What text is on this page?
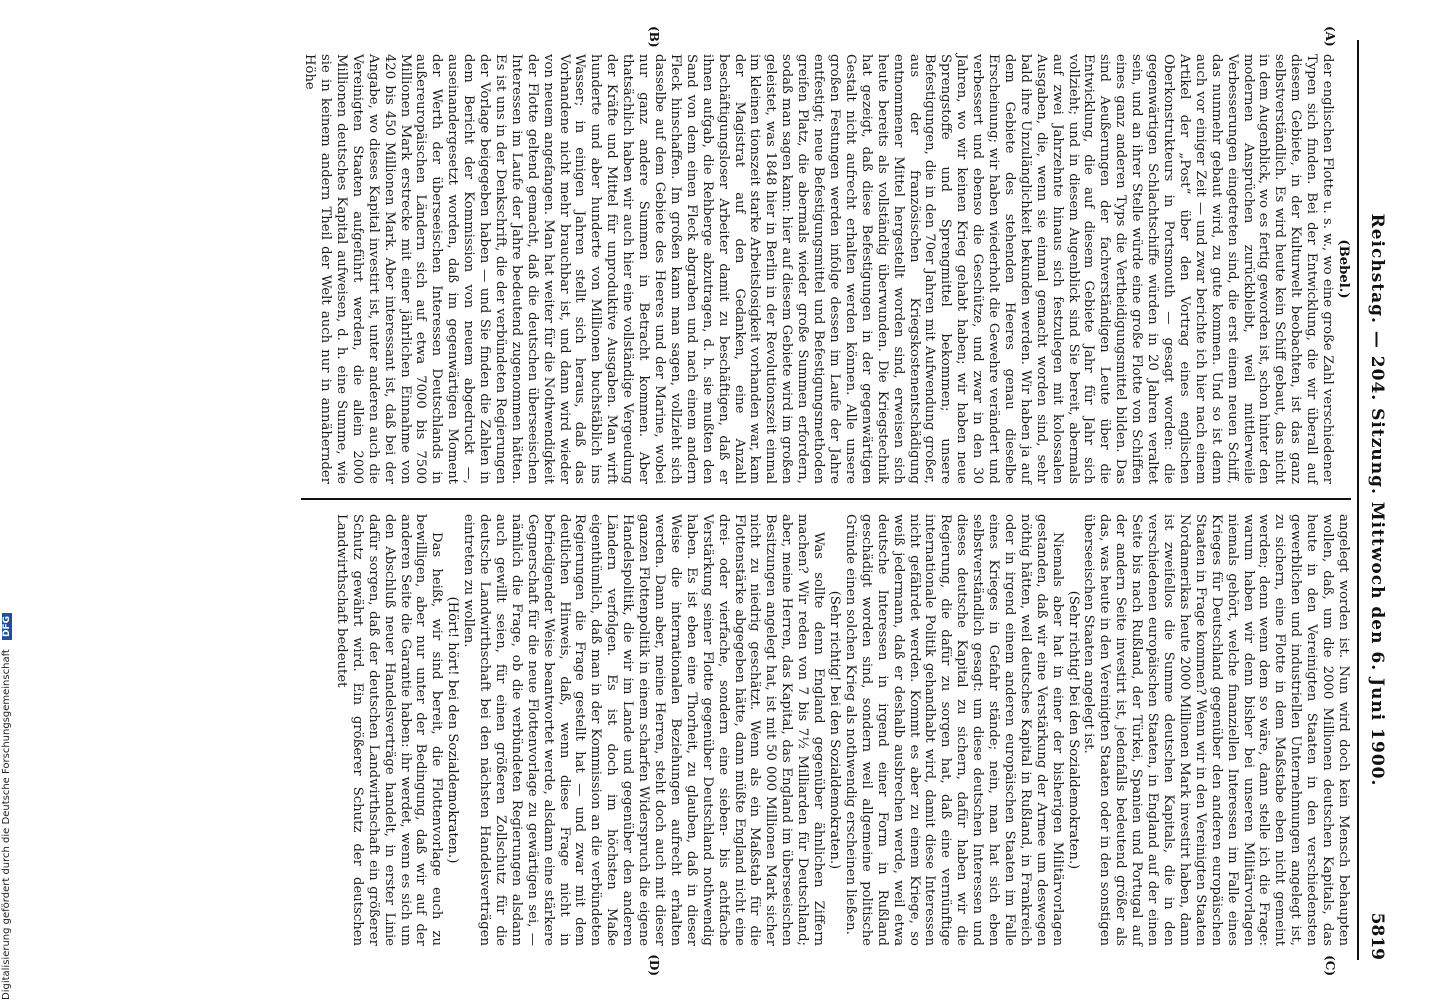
Reichstag. — 204. Sitzung. Mittwoch den 6. Juni 1900.
5819
(A)
(B)
(Bebel.)

der englischen Flotte u. s. w., wo eine große Zahl verschiedener Typen sich finden. Bei der Entwicklung, die wir überall auf diesem Gebiete, in der Kulturwelt beobachten, ist das ganz selbstverständlich. Es wird heute kein Schiff gebaut, das nicht in dem Augenblick, wo es fertig geworden ist, schon hinter den modernen Ansprüchen zurückbleibt, weil mittlerweile Verbesserungen eingetreten sind, die erst einem neuen Schiff, das nunmehr gebaut wird, zu gute kommen. Und so ist denn auch vor einiger Zeit — und zwar berichte ich hier nach einem Artikel der „Post“ über den Vortrag eines englischen Oberkonstrukteurs in Portsmouth — gesagt worden: die gegenwärtigen Schlachtschiffe würden in 20 Jahren veraltet sein, und an ihrer Stelle würde eine große Flotte von Schiffen eines ganz anderen Typs die Vertheidigungsmittel bilden. Das sind Aeußerungen der fachverständigen Leute über die Entwicklung, die auf diesem Gebiete Jahr für Jahr sich vollzieht; und in diesem Augenblick sind Sie bereit, abermals auf zwei Jahrzehnte hinaus sich festzulegen mit kolossalen Ausgaben, die, wenn sie einmal gemacht worden sind, sehr bald ihre Unzulänglichkeit bekunden werden. Wir haben ja auf dem Gebiete des stehenden Heeres genau dieselbe Erscheinung; wir haben wiederholt die Gewehre verändert und verbessert und ebenso die Geschütze, und zwar in den 30 Jahren, wo wir keinen Krieg gehabt haben; wir haben neue Sprengstoffe und Sprengmittel bekommen; unsere Befestigungen, die in den 70er Jahren mit Aufwendung großer, aus der französischen Kriegskostenentschädigung entnommener Mittel hergestellt worden sind, erweisen sich heute bereits als vollständig überwunden. Die Kriegstechnik hat gezeigt, daß diese Befestigungen in der gegenwärtigen Gestalt nicht aufrecht erhalten werden können. Alle unsere großen Festungen werden infolge dessen im Laufe der Jahre entfestigt; neue Befestigungsmittel und Befestigungsmethoden greifen Platz, die abermals wieder große Summen erfordern, sodaß man sagen kann: hier auf diesem Gebiete wird im großen geleistet, was 1848 hier in Berlin in der Revolutionszeit einmal im kleinen tionszeit starke Arbeitslosigkeit vorhanden war, kam der Magistrat auf den Gedanken, eine Anzahl beschäftigungsloser Arbeiter damit zu beschäftigen, daß er ihnen aufgab, die Rehberge abzutragen, d. h. sie mußten den Sand von dem einen Fleck abgraben und nach einem andern Fleck hinschaffen. Im großen kann man sagen, vollzieht sich dasselbe auf dem Gebiete des Heeres und der Marine, wobei nur ganz andere Summen in Betracht kommen. Aber thatsächlich haben wir auch hier eine vollständige Vergeudung der Kräfte und Mittel für unproduktive Ausgaben. Man wirft hunderte und aber hunderte von Millionen buchstäblich ins Wasser; in einigen Jahren stellt sich heraus, daß das Vorhandene nicht mehr brauchbar ist, und dann wird wieder von neuem angefangen. Man hat weiter für die Nothwendigkeit der Flotte geltend gemacht, daß die deutschen überseeischen Interessen im Laufe der Jahre bedeutend zugenommen hätten. Es ist uns in der Denkschrift, die der verbündeten Regierungen der Vorlage beigegeben haben — und Sie finden die Zahlen in dem Bericht der Kommission von neuem abgedruckt —, auseinandergesetzt worden, daß im gegenwärtigen Moment der Werth der überseeischen Interessen Deutschlands in außereuropäischen Ländern sich auf etwa 7000 bis 7500 Millionen Mark erstrecke mit einer jährlichen Einnahme von 420 bis 450 Millionen Mark. Aber interessant ist, daß bei der Angabe, wo dieses Kapital investirt ist, unter anderen auch die Vereinigten Staaten aufgeführt werden, die allein 2000 Millionen deutsches Kapital aufweisen, d. h. eine Summe, wie sie in keinem andern Theil der Welt auch nur in annähernder Höhe

(C)
(D)

angelegt worden ist. Nun wird doch kein Mensch behaupten wollen, daß, um die 2000 Millionen deutschen Kapitals, das heute in den Vereinigten Staaten in den verschiedensten gewerblichen und industriellen Unternehmungen angelegt ist, zu sichern, eine Flotte in dem Maßstabe eben nicht gemeint werden; denn wenn dem so wäre, dann stelle ich die Frage: warum haben wir denn bisher bei unseren Militärvorlagen niemals gehört, welche finanziellen Interessen im Falle eines Krieges für Deutschland gegenüber den anderen europäischen Staaten in Frage kommen? Wenn wir in den Vereinigten Staaten Nordamerikas heute 2000 Millionen Mark investirt haben, dann ist zweifellos die Summe deutschen Kapitals, die in den verschiedenen europäischen Staaten, in England auf der einen Seite bis nach Rußland, der Türkei, Spanien und Portugal auf der andern Seite investirt ist, jedenfalls bedeutend größer als das, was heute in den Vereinigten Staaten oder in den sonstigen überseeischen Staaten angelegt ist.

(Sehr richtig! bei den Sozialdemokraten.)

Niemals aber hat in einer der bisherigen Militärvorlagen gestanden, daß wir eine Verstärkung der Armee um deswegen nöthig hätten, weil deutsches Kapital in Rußland, in Frankreich oder in irgend einem anderen europäischen Staaten im Falle eines Krieges in Gefahr stände; nein, man hat sich eben selbstverständlich gesagt: um diese deutschen Interessen und dieses deutsche Kapital zu sichern, dafür haben wir die Regierung, die dafür zu sorgen hat, daß eine vernünftige internationale Politik gehandhabt wird, damit diese Interessen nicht gefährdet werden. Kommt es aber zu einem Kriege, so weiß jedermann, daß er deshalb ausbrechen werde, weil etwa deutsche Interessen in irgend einer Form in Rußland geschädigt worden sind, sondern weil allgemeine politische Gründe einen solchen Krieg als nothwendig erscheinen ließen.

(Sehr richtig! bei den Sozialdemokraten.)

Was sollte denn England gegenüber ähnlichen Ziffern machen? Wir reden von 7 bis 7½ Milliarden für Deutschland; aber, meine Herren, das Kapital, das England im überseeischen Besitzungen angelegt hat, ist mit 50 000 Millionen Mark sicher nicht zu niedrig geschätzt. Wenn als ein Maßstab für die Flottenstärke abgegeben hätte, dann müßte England nicht eine drei- oder vierfache, sondern eine sieben- bis achtfache Verstärkung seiner Flotte gegenüber Deutschland nothwendig haben. Es ist eben eine Thorheit, zu glauben, daß in dieser Weise die internationalen Beziehungen aufrecht erhalten werden. Dann aber, meine Herren, steht doch auch mit dieser ganzen Flottenpolitik in einem scharfen Widerspruch die eigene Handelspolitik, die wir im Lande und gegenüber den anderen Ländern verfolgen. Es ist doch im höchsten Maße eigenthümlich, daß man in der Kommission an die verbündeten Regierungen die Frage gestellt hat — und zwar mit dem deutlichen Hinweis, daß, wenn diese Frage nicht in befriedigender Weise beantwortet werde, alsdann eine stärkere Gegnerschaft für die neue Flottenvorlage zu gewärtigen sei, — nämlich die Frage, ob die verbündeten Regierungen alsdann auch gewillt seien, für einen größeren Zollschutz für die deutsche Landwirthschaft bei den nächsten Handelsverträgen eintreten zu wollen.

(Hört! hört! bei den Sozialdemokraten.)

Das heißt, wir sind bereit, die Flottenvorlage euch zu bewilligen, aber nur unter der Bedingung, daß wir auf der anderen Seite die Garantie haben: ihr werdet, wenn es sich um den Abschluß neuer Handelsverträge handelt, in erster Linie dafür sorgen, daß der deutschen Landwirthschaft ein größerer Schutz gewährt wird. Ein größerer Schutz der deutschen Landwirthschaft bedeutet

Digitalisierung gefördert durch die Deutsche Forschungsgemeinschaft DFG
